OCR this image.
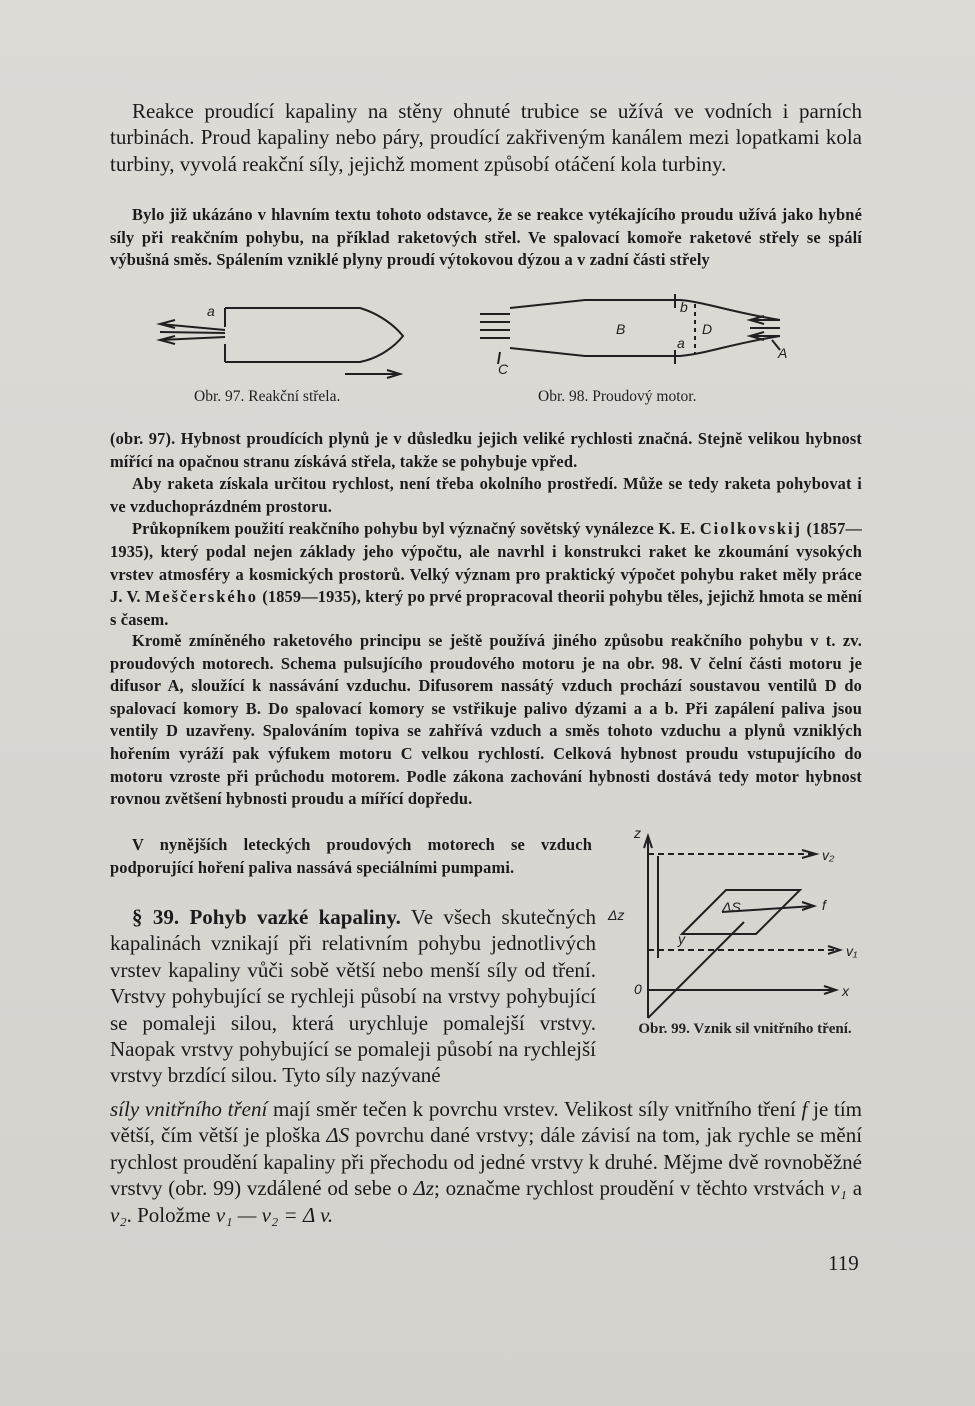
Reakce proudící kapaliny na stěny ohnuté trubice se užívá ve vodních i parních turbinách. Proud kapaliny nebo páry, proudící zakřiveným kanálem mezi lopatkami kola turbiny, vyvolá reakční síly, jejichž moment způsobí otáčení kola turbiny.

Bylo již ukázáno v hlavním textu tohoto odstavce, že se reakce vytékajícího proudu užívá jako hybné síly při reakčním pohybu, na příklad raketových střel. Ve spalovací komoře raketové střely se spálí výbušná směs. Spálením vzniklé plyny proudí výtokovou dýzou a v zadní části střely

a
Obr. 97. Reakční střela.
b
B	D
a
C
A
Obr. 98. Proudový motor.

(obr. 97). Hybnost proudících plynů je v důsledku jejich veliké rychlosti značná. Stejně velikou hybnost mířící na opačnou stranu získává střela, takže se pohybuje vpřed.

Aby raketa získala určitou rychlost, není třeba okolního prostředí. Může se tedy raketa pohybovat i ve vzduchoprázdném prostoru.

Průkopníkem použití reakčního pohybu byl význačný sovětský vynálezce K. E. Ciolkovskij (1857—1935), který podal nejen základy jeho výpočtu, ale navrhl i konstrukci raket ke zkoumání vysokých vrstev atmosféry a kosmických prostorů. Velký význam pro praktický výpočet pohybu raket měly práce J. V. Meščerského (1859—1935), který po prvé propracoval theorii pohybu těles, jejichž hmota se mění s časem.

Kromě zmíněného raketového principu se ještě používá jiného způsobu reakčního pohybu v t. zv. proudových motorech. Schema pulsujícího proudového motoru je na obr. 98. V čelní části motoru je difusor A, sloužící k nassávání vzduchu. Difusorem nassátý vzduch prochází soustavou ventilů D do spalovací komory B. Do spalovací komory se vstřikuje palivo dýzami a a b. Při zapálení paliva jsou ventily D uzavřeny. Spalováním topiva se zahřívá vzduch a směs tohoto vzduchu a plynů vzniklých hořením vyráží pak výfukem motoru C velkou rychlostí. Celková hybnost proudu vstupujícího do motoru vzroste při průchodu motorem. Podle zákona zachování hybnosti dostává tedy motor hybnost rovnou zvětšení hybnosti proudu a mířící dopředu.

V nynějších leteckých proudových motorech se vzduch podporující hoření paliva nassává speciálními pumpami.

z
v₂
ΔS	f
Δz
y
v₁
0	x
Obr. 99. Vznik sil vnitřního tření.

§ 39. Pohyb vazké kapaliny. Ve všech skutečných kapalinách vznikají při relativním pohybu jednotlivých vrstev kapaliny vůči sobě větší nebo menší síly od tření. Vrstvy pohybující se rychleji působí na vrstvy pohybující se pomaleji silou, která urychluje pomalejší vrstvy. Naopak vrstvy pohybující se pomaleji působí na rychlejší vrstvy brzdící silou. Tyto síly nazývané

síly vnitřního tření mají směr tečen k povrchu vrstev. Velikost síly vnitřního tření f je tím větší, čím větší je ploška ΔS povrchu dané vrstvy; dále závisí na tom, jak rychle se mění rychlost proudění kapaliny při přechodu od jedné vrstvy k druhé. Mějme dvě rovnoběžné vrstvy (obr. 99) vzdálené od sebe o Δz; označme rychlost proudění v těchto vrstvách v₁ a v₂. Položme v₁ — v₂ = Δ v.

119
